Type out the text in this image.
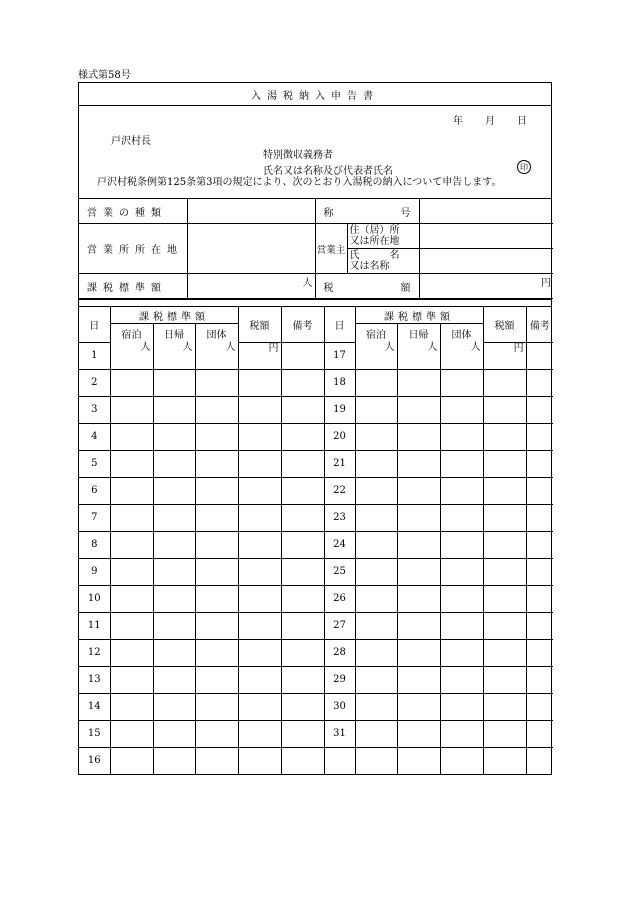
様式第58号
入湯税納入申告書
年 月 日
戸沢村長
特別徴収義務者
氏名又は名称及び代表者氏名	印
戸沢村税条例第125条第3項の規定により、次のとおり入湯税の納入について申告します。
営業の種類		称 号		

営業所所在地		営業主	住（居）所
又は所在地	

			氏　　　名
又は名称	

課税標準額	人	税 額		円
日	課税標準額			税額	備考	日	課税標準額			税額	備考
	宿泊	日帰	団体				宿泊	日帰	団体		
1	人	人	人	円		17	人	人	人	円	
2						18					
3						19					
4						20					
5						21					
6						22					
7						23					
8						24					
9						25					
10						26					
11						27					
12						28					
13						29					
14						30					
15						31					
16											
